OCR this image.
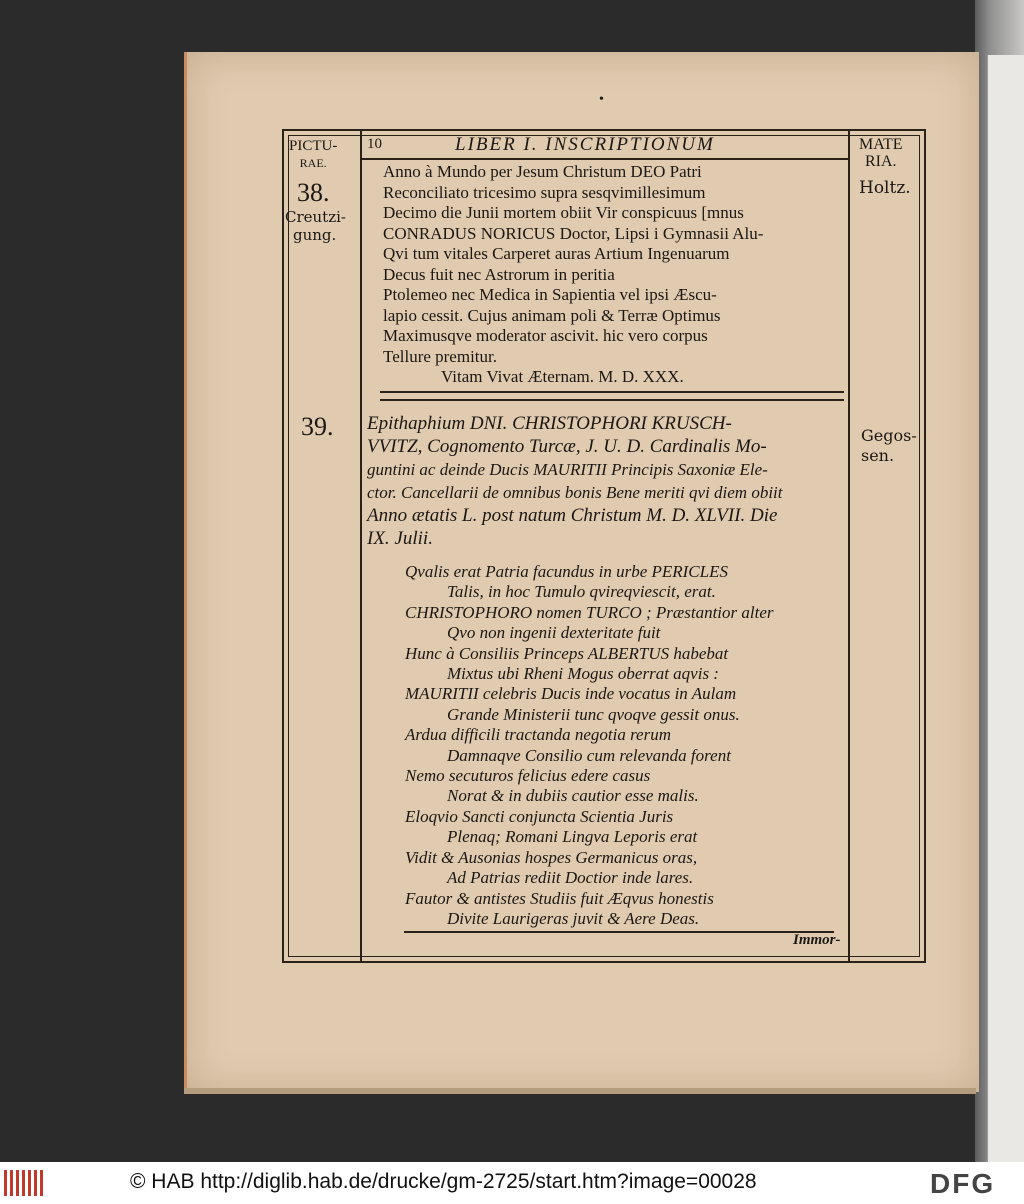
•
LIBER I. INSCRIPTIONUM
10
PICTU-
RAE.
MATE
RIA.
38.
Creutzi-
gung.
Holtz.
Anno à Mundo per Jesum Christum DEO Patri
Reconciliato tricesimo supra sesqvimillesimum
Decimo die Junii mortem obiit Vir conspicuus [mnus
CONRADUS NORICUS Doctor, Lipsi i Gymnasii Alu-
Qvi tum vitales Carperet auras Artium Ingenuarum
Decus fuit nec Astrorum in peritia
Ptolemeo nec Medica in Sapientia vel ipsi Æscu-
lapio cessit. Cujus animam poli & Terræ Optimus
Maximusqve moderator ascivit. hic vero corpus
Tellure premitur.
Vitam Vivat Æternam. M. D. XXX.
39.	Gegos-
sen.
Epithaphium DNI. CHRISTOPHORI KRUSCH-
VVITZ, Cognomento Turcæ, J. U. D. Cardinalis Mo-
guntini ac deinde Ducis MAURITII Principis Saxoniæ Ele-
ctor. Cancellarii de omnibus bonis Bene meriti qvi diem obiit
Anno ætatis L. post natum Christum M. D. XLVII. Die
IX. Julii.
Qvalis erat Patria facundus in urbe PERICLES
Talis, in hoc Tumulo qvireqviescit, erat.
CHRISTOPHORO nomen TURCO ; Præstantior alter
Qvo non ingenii dexteritate fuit
Hunc à Consiliis Princeps ALBERTUS habebat
Mixtus ubi Rheni Mogus oberrat aqvis :
MAURITII celebris Ducis inde vocatus in Aulam
Grande Ministerii tunc qvoqve gessit onus.
Ardua difficili tractanda negotia rerum
Damnaqve Consilio cum relevanda forent
Nemo secuturos felicius edere casus
Norat & in dubiis cautior esse malis.
Eloqvio Sancti conjuncta Scientia Juris
Plenaq; Romani Lingva Leporis erat
Vidit & Ausonias hospes Germanicus oras,
Ad Patrias rediit Doctior inde lares.
Fautor & antistes Studiis fuit Æqvus honestis
Divite Laurigeras juvit & Aere Deas.
Immor-
© HAB http://diglib.hab.de/drucke/gm-2725/start.htm?image=00028	DFG
